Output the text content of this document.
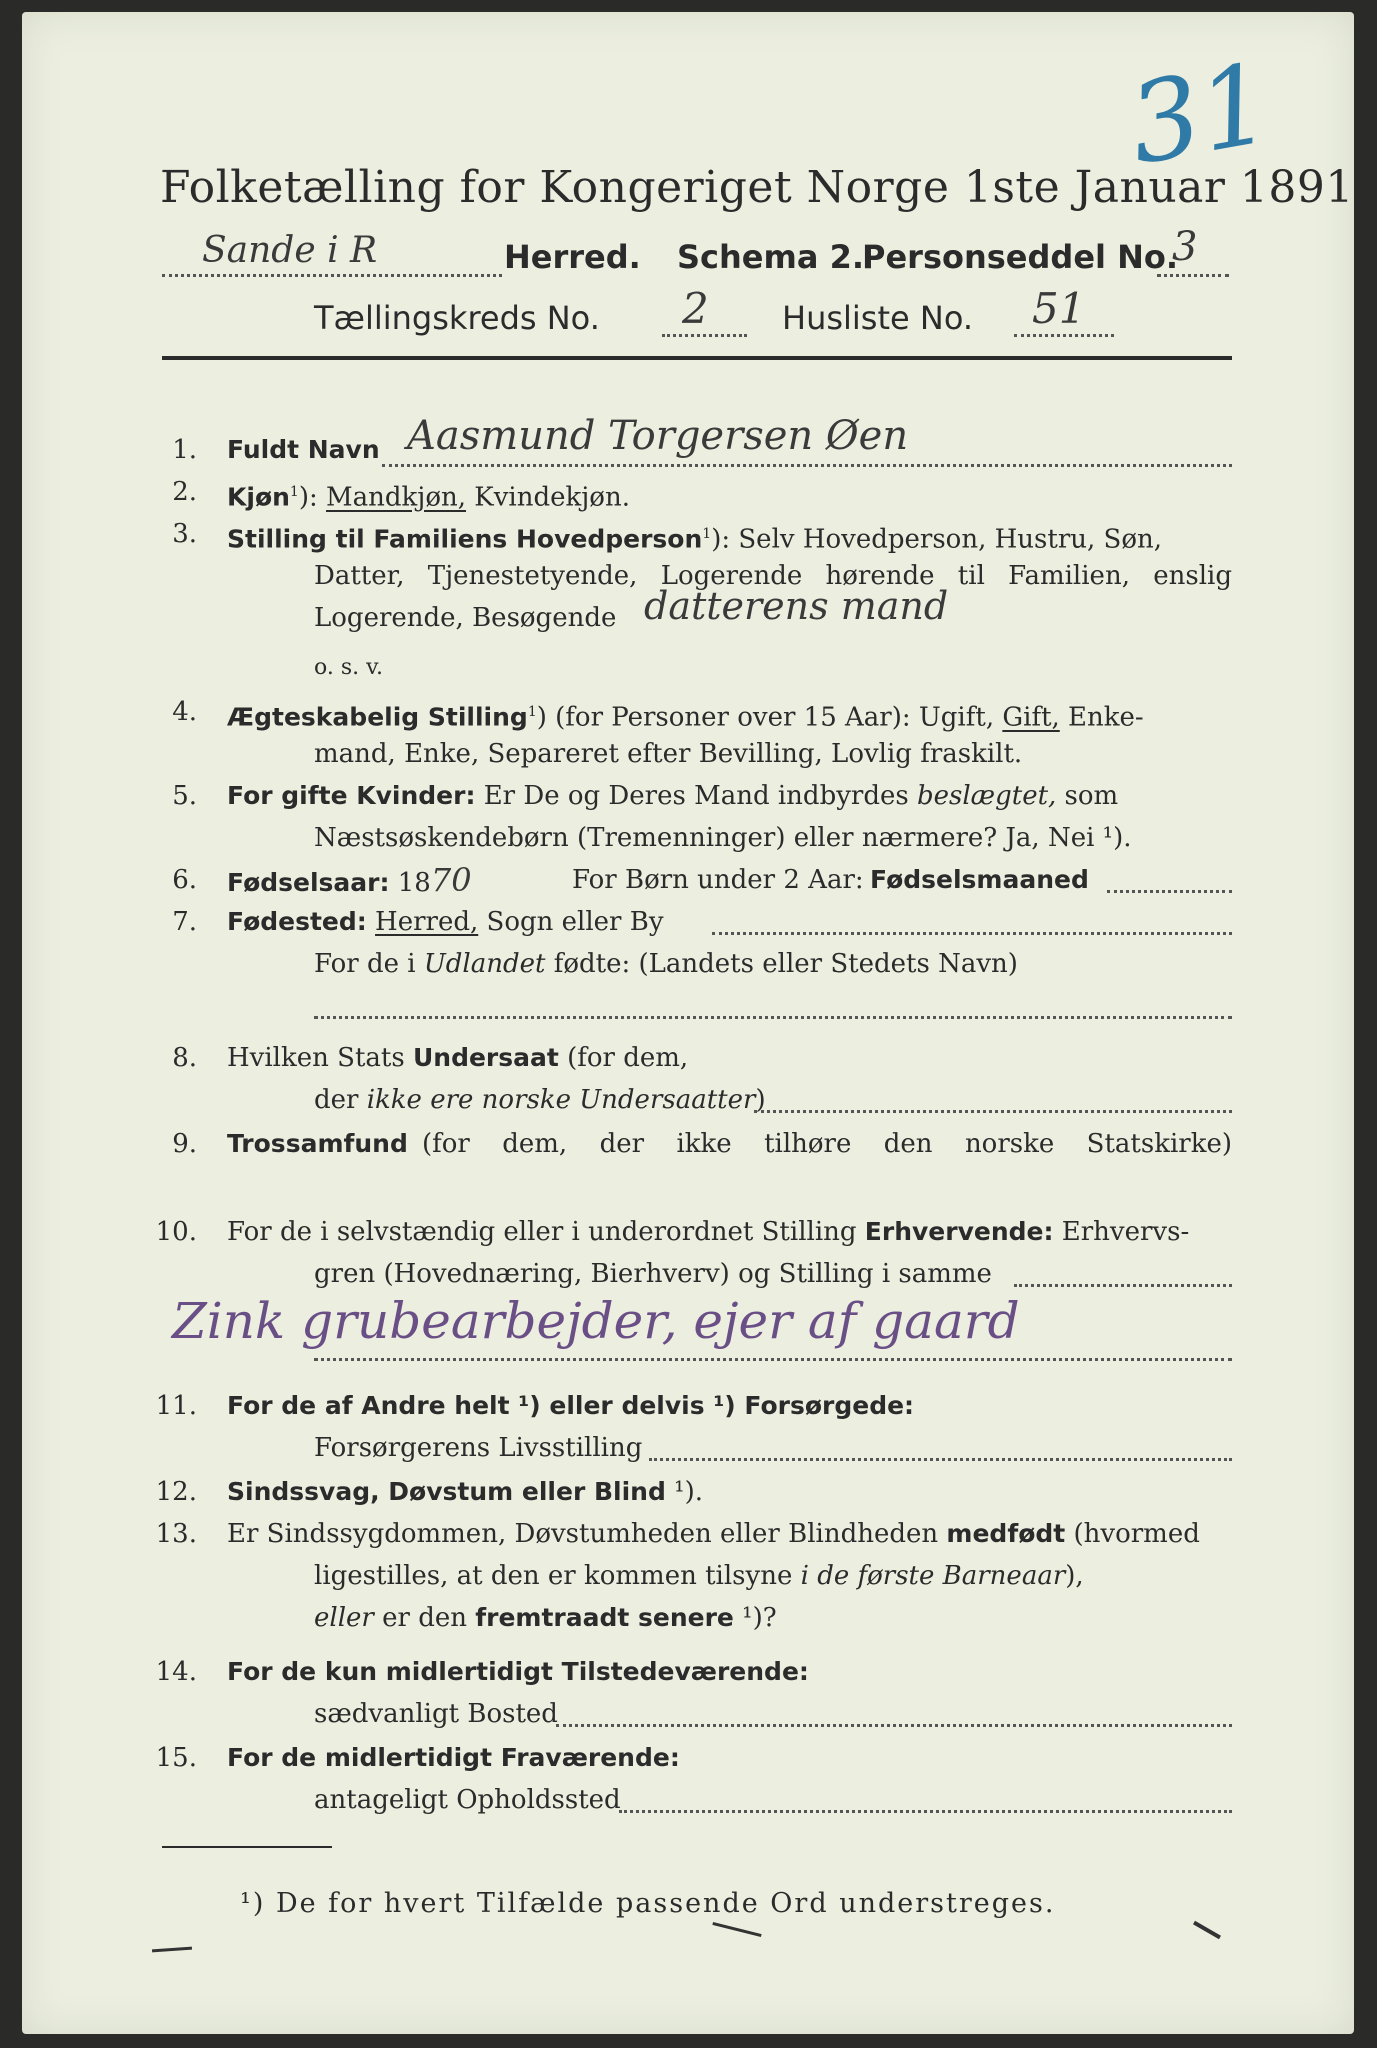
31
Folketælling for Kongeriget Norge 1ste Januar 1891.
Sande i R	Herred. Schema 2.
Personseddel No.
3
Tællingskreds No. 2 Husliste No. 51
1. Fuldt Navn Aasmund Torgersen Øen
2. Kjøn$^1$): Mandkjøn, Kvindekjøn.
3. Stilling til Familiens Hovedperson$^1$): Selv Hovedperson, Hustru, Søn,
Datter, Tjenestetyende, Logerende hørende til Familien, enslig
Logerende, Besøgende datterens mand
o. s. v.
4. Ægteskabelig Stilling$^1$) (for Personer over 15 Aar): Ugift, Gift, Enke-
mand, Enke, Separeret efter Bevilling, Lovlig fraskilt.
5. For gifte Kvinder: Er De og Deres Mand indbyrdes beslægtet, som
Næstsøskendebørn (Tremenninger) eller nærmere? Ja, Nei ¹).
6. Fødselsaar: 1870	For Børn under 2 Aar: Fødselsmaaned
7. Fødested: Herred, Sogn eller By
For de i Udlandet fødte: (Landets eller Stedets Navn)
8. Hvilken Stats Undersaat (for dem,
der ikke ere norske Undersaatter)
9. Trossamfund (for dem, der ikke tilhøre den norske Statskirke)
10. For de i selvstændig eller i underordnet Stilling Erhvervende: Erhvervs-
gren (Hovednæring, Bierhverv) og Stilling i samme
Zink grubearbejder, ejer af gaard
11. For de af Andre helt ¹) eller delvis ¹) Forsørgede:
Forsørgerens Livsstilling
12. Sindssvag, Døvstum eller Blind ¹).
13. Er Sindssygdommen, Døvstumheden eller Blindheden medfødt (hvormed
ligestilles, at den er kommen tilsyne i de første Barneaar),
eller er den fremtraadt senere ¹)?
14. For de kun midlertidigt Tilstedeværende:
sædvanligt Bosted
15. For de midlertidigt Fraværende:
antageligt Opholdssted
¹) De for hvert Tilfælde passende Ord understreges.
